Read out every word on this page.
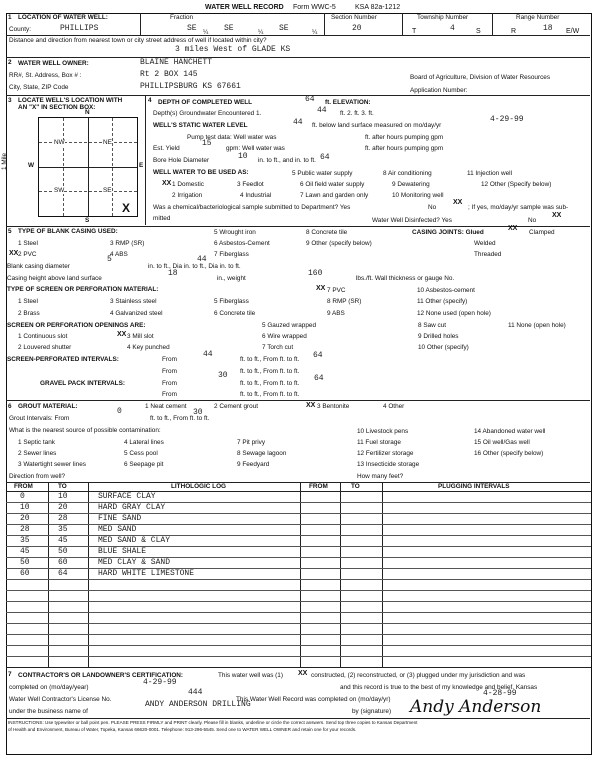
WATER WELL RECORD Form WWC-5	KSA 82a-1212
1 LOCATION OF WATER WELL:
County:	PHILLIPS
Fraction
SE ¼ SE	¼ SE	¼
Section Number
20
Township Number
T	4	S
Range Number
R	18 E/W
Distance and direction from nearest town or city street address of well if located within city?
3 miles West of GLADE KS
2 WATER WELL OWNER:	BLAINE HANCHETT
RR#, St. Address, Box # :	Rt 2 BOX 145	Board of Agriculture, Division of Water Resources
City, State, ZIP Code	PHILLIPSBURG KS 67661	Application Number:
3 LOCATE WELL'S LOCATION WITH
AN "X" IN SECTION BOX:
NW	NE
SW	SE
X
N
S
W	E
1 Mile
4 DEPTH OF COMPLETED WELL	64 ft. ELEVATION:
Depth(s) Groundwater Encountered 1.	44 ft. 2. ft. 3. ft.
WELL'S STATIC WATER LEVEL	44 ft. below land surface measured on mo/day/yr
4-29-99
Pump test data: Well water was	ft. after hours pumping gpm
Est. Yield
15
gpm: Well water was	ft. after hours pumping gpm
Bore Hole Diameter	10	64
in. to ft., and in. to ft.
WELL WATER TO BE USED AS:
XX 1 Domestic	3 Feedlot
5 Public water supply	8 Air conditioning	11 Injection well
6 Oil field water supply	9 Dewatering	12 Other (Specify below)
2 Irrigation	4 Industrial	7 Lawn and garden only	10 Monitoring well
Was a chemical/bacteriological sample submitted to Department? Yes	No
XX
; If yes, mo/day/yr sample was sub-
mitted	Water Well Disinfected? Yes	No
XX
5 TYPE OF BLANK CASING USED:	5 Wrought iron	8 Concrete tile	CASING JOINTS: Glued
XX
Clamped
1 Steel	3 RMP (SR)	6 Asbestos-Cement	9 Other (specify below)	Welded
XX 2 PVC	4 ABS	7 Fiberglass	Threaded
Blank casing diameter
5	44
in. to ft., Dia in. to ft., Dia in. to ft.
Casing height above land surface
18
in., weight
160
lbs./ft. Wall thickness or gauge No.
TYPE OF SCREEN OR PERFORATION MATERIAL:	XX 7 PVC	10 Asbestos-cement
1 Steel	3 Stainless steel	5 Fiberglass	8 RMP (SR)	11 Other (specify)
2 Brass	4 Galvanized steel	6 Concrete tile	9 ABS	12 None used (open hole)
SCREEN OR PERFORATION OPENINGS ARE:	5 Gauzed wrapped	8 Saw cut	11 None (open hole)
1 Continuous slot	XX 3 Mill slot	6 Wire wrapped	9 Drilled holes
2 Louvered shutter	4 Key punched	7 Torch cut	10 Other (specify)
SCREEN-PERFORATED INTERVALS:	From
44	64
ft. to ft., From ft. to ft.
From	ft. to ft., From ft. to ft.
GRAVEL PACK INTERVALS:	From
30	64
ft. to ft., From ft. to ft.
From	ft. to ft., From ft. to ft.
6 GROUT MATERIAL:	1 Neat cement	2 Cement grout	XX 3 Bentonite	4 Other
Grout Intervals: From
0	30
ft. to ft., From ft. to ft.
What is the nearest source of possible contamination:
1 Septic tank	4 Lateral lines	7 Pit privy
10 Livestock pens	14 Abandoned water well
11 Fuel storage	15 Oil well/Gas well
2 Sewer lines	5 Cess pool	8 Sewage lagoon	12 Fertilizer storage	16 Other (specify below)
3 Watertight sewer lines	6 Seepage pit	9 Feedyard	13 Insecticide storage
Direction from well?	How many feet?
FROM	TO	LITHOLOGIC LOG	FROM	TO	PLUGGING INTERVALS
0	10	SURFACE CLAY
10	20	HARD GRAY CLAY
20	28	FINE SAND
28	35	MED SAND
35	45	MED SAND & CLAY
45	50	BLUE SHALE
50	60	MED CLAY & SAND
60	64	HARD WHITE LIMESTONE
7 CONTRACTOR'S OR LANDOWNER'S CERTIFICATION:	This water well was (1) XX constructed, (2) reconstructed, or (3) plugged under my jurisdiction and was
completed on (mo/day/year)
4-29-99
and this record is true to the best of my knowledge and belief. Kansas
Water Well Contractor's License No.
444
This Water Well Record was completed on (mo/day/yr)
4-28-99
under the business name of
ANDY ANDERSON DRILLING
by (signature) Andy Anderson
INSTRUCTIONS: Use typewriter or ball point pen. PLEASE PRESS FIRMLY and PRINT clearly. Please fill in blanks, underline or circle the correct answers. Send top three copies to Kansas Department
of Health and Environment, Bureau of Water, Topeka, Kansas 66620-0001. Telephone: 913-296-5545. Send one to WATER WELL OWNER and retain one for your records.
